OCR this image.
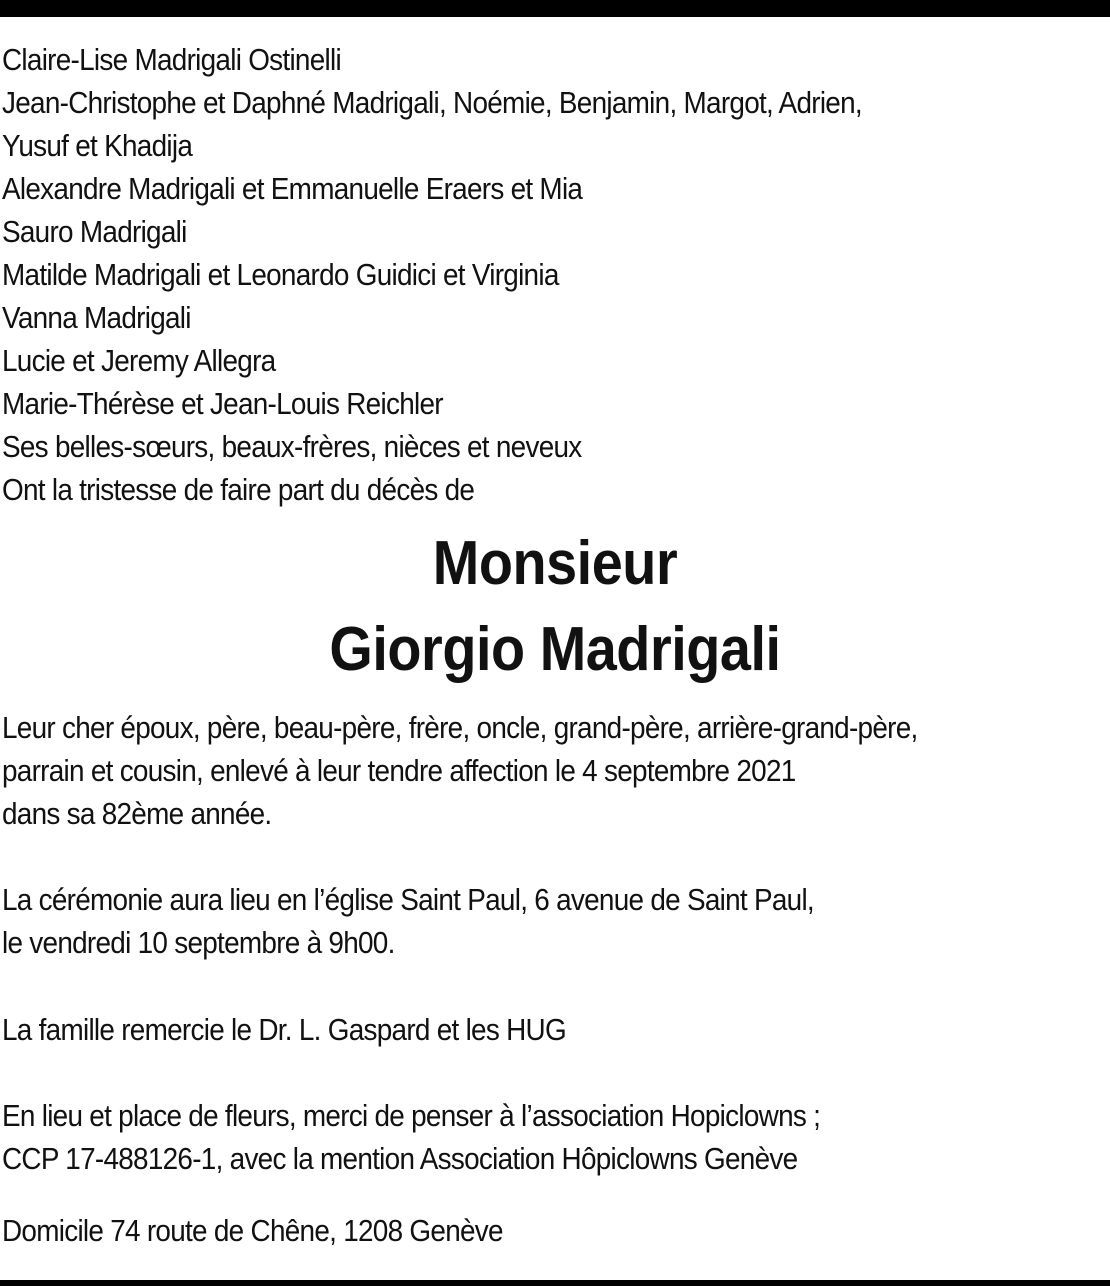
Claire-Lise Madrigali Ostinelli
Jean-Christophe et Daphné Madrigali, Noémie, Benjamin, Margot, Adrien,
Yusuf et Khadija
Alexandre Madrigali et Emmanuelle Eraers et Mia
Sauro Madrigali
Matilde Madrigali et Leonardo Guidici et Virginia
Vanna Madrigali
Lucie et Jeremy Allegra
Marie-Thérèse et Jean-Louis Reichler
Ses belles-sœurs, beaux-frères, nièces et neveux
Ont la tristesse de faire part du décès de
Monsieur
Giorgio Madrigali
Leur cher époux, père, beau-père, frère, oncle, grand-père, arrière-grand-père,
parrain et cousin, enlevé à leur tendre affection le 4 septembre 2021
dans sa 82ème année.
La cérémonie aura lieu en l’église Saint Paul, 6 avenue de Saint Paul,
le vendredi 10 septembre à 9h00.
La famille remercie le Dr. L. Gaspard et les HUG
En lieu et place de fleurs, merci de penser à l’association Hopiclowns ;
CCP 17-488126-1, avec la mention Association Hôpiclowns Genève
Domicile 74 route de Chêne, 1208 Genève
